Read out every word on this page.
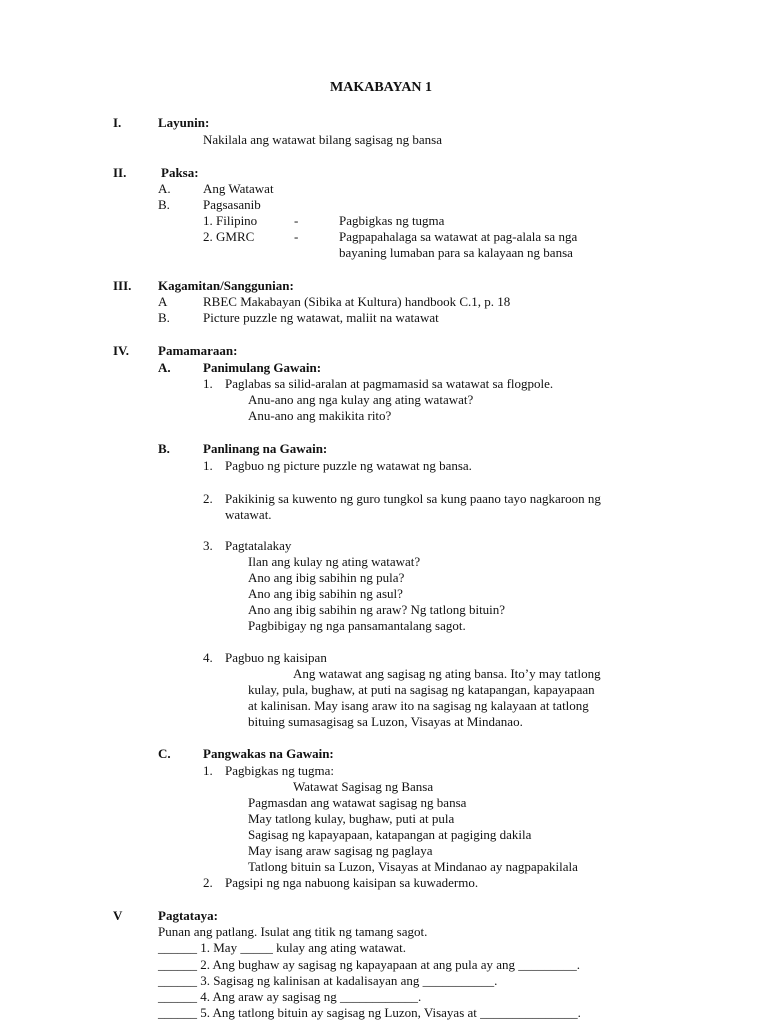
MAKABAYAN 1
I.	Layunin:
Nakilala ang watawat bilang sagisag ng bansa
II.	Paksa:
A. Ang Watawat
B.	Pagsasanib
1. Filipino	-	Pagbigkas ng tugma
2. GMRC	-	Pagpapahalaga sa watawat at pag-alala sa nga
bayaning lumaban para sa kalayaan ng bansa
III. Kagamitan/Sanggunian:
A	RBEC Makabayan (Sibika at Kultura) handbook C.1, p. 18
B.	Picture puzzle ng watawat, maliit na watawat
IV. Pamamaraan:
A. Panimulang Gawain:
1. Paglabas sa silid-aralan at pagmamasid sa watawat sa flogpole.
Anu-ano ang nga kulay ang ating watawat?
Anu-ano ang makikita rito?
B.	Panlinang na Gawain:
1. Pagbuo ng picture puzzle ng watawat ng bansa.
2. Pakikinig sa kuwento ng guro tungkol sa kung paano tayo nagkaroon ng
watawat.
3. Pagtatalakay
Ilan ang kulay ng ating watawat?
Ano ang ibig sabihin ng pula?
Ano ang ibig sabihin ng asul?
Ano ang ibig sabihin ng araw? Ng tatlong bituin?
Pagbibigay ng nga pansamantalang sagot.
4. Pagbuo ng kaisipan
Ang watawat ang sagisag ng ating bansa. Ito’y may tatlong
kulay, pula, bughaw, at puti na sagisag ng katapangan, kapayapaan
at kalinisan. May isang araw ito na sagisag ng kalayaan at tatlong
bituing sumasagisag sa Luzon, Visayas at Mindanao.
C. Pangwakas na Gawain:
1. Pagbigkas ng tugma:
Watawat Sagisag ng Bansa
Pagmasdan ang watawat sagisag ng bansa
May tatlong kulay, bughaw, puti at pula
Sagisag ng kapayapaan, katapangan at pagiging dakila
May isang araw sagisag ng paglaya
Tatlong bituin sa Luzon, Visayas at Mindanao ay nagpapakilala
2. Pagsipi ng nga nabuong kaisipan sa kuwadermo.
V	Pagtataya:
Punan ang patlang. Isulat ang titik ng tamang sagot.
______ 1. May _____ kulay ang ating watawat.
______ 2. Ang bughaw ay sagisag ng kapayapaan at ang pula ay ang _________.
______ 3. Sagisag ng kalinisan at kadalisayan ang ___________.
______ 4. Ang araw ay sagisag ng ____________.
______ 5. Ang tatlong bituin ay sagisag ng Luzon, Visayas at _______________.
